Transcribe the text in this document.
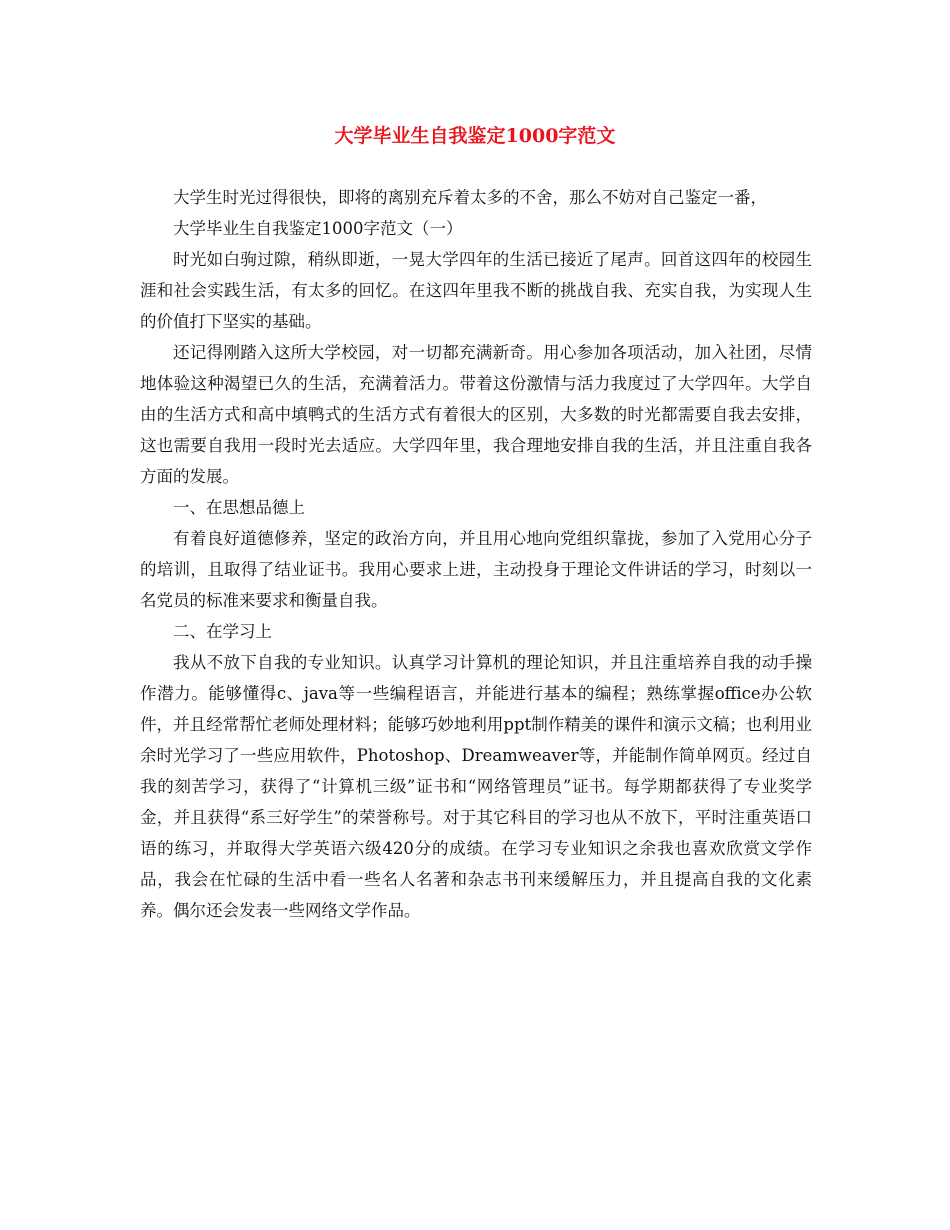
大学毕业生自我鉴定1000字范文

大学生时光过得很快，即将的离别充斥着太多的不舍，那么不妨对自己鉴定一番，

大学毕业生自我鉴定1000字范文（一）

时光如白驹过隙，稍纵即逝，一晃大学四年的生活已接近了尾声。回首这四年的校园生涯和社会实践生活，有太多的回忆。在这四年里我不断的挑战自我、充实自我，为实现人生的价值打下坚实的基础。

还记得刚踏入这所大学校园，对一切都充满新奇。用心参加各项活动，加入社团，尽情地体验这种渴望已久的生活，充满着活力。带着这份激情与活力我度过了大学四年。大学自由的生活方式和高中填鸭式的生活方式有着很大的区别，大多数的时光都需要自我去安排，这也需要自我用一段时光去适应。大学四年里，我合理地安排自我的生活，并且注重自我各方面的发展。

一、在思想品德上

有着良好道德修养，坚定的政治方向，并且用心地向党组织靠拢，参加了入党用心分子的培训，且取得了结业证书。我用心要求上进，主动投身于理论文件讲话的学习，时刻以一名党员的标准来要求和衡量自我。

二、在学习上

我从不放下自我的专业知识。认真学习计算机的理论知识，并且注重培养自我的动手操作潜力。能够懂得c、java等一些编程语言，并能进行基本的编程；熟练掌握office办公软件，并且经常帮忙老师处理材料；能够巧妙地利用ppt制作精美的课件和演示文稿；也利用业余时光学习了一些应用软件，Photoshop、Dreamweaver等，并能制作简单网页。经过自我的刻苦学习，获得了“计算机三级”证书和“网络管理员”证书。每学期都获得了专业奖学金，并且获得“系三好学生”的荣誉称号。对于其它科目的学习也从不放下，平时注重英语口语的练习，并取得大学英语六级420分的成绩。在学习专业知识之余我也喜欢欣赏文学作品，我会在忙碌的生活中看一些名人名著和杂志书刊来缓解压力，并且提高自我的文化素养。偶尔还会发表一些网络文学作品。
